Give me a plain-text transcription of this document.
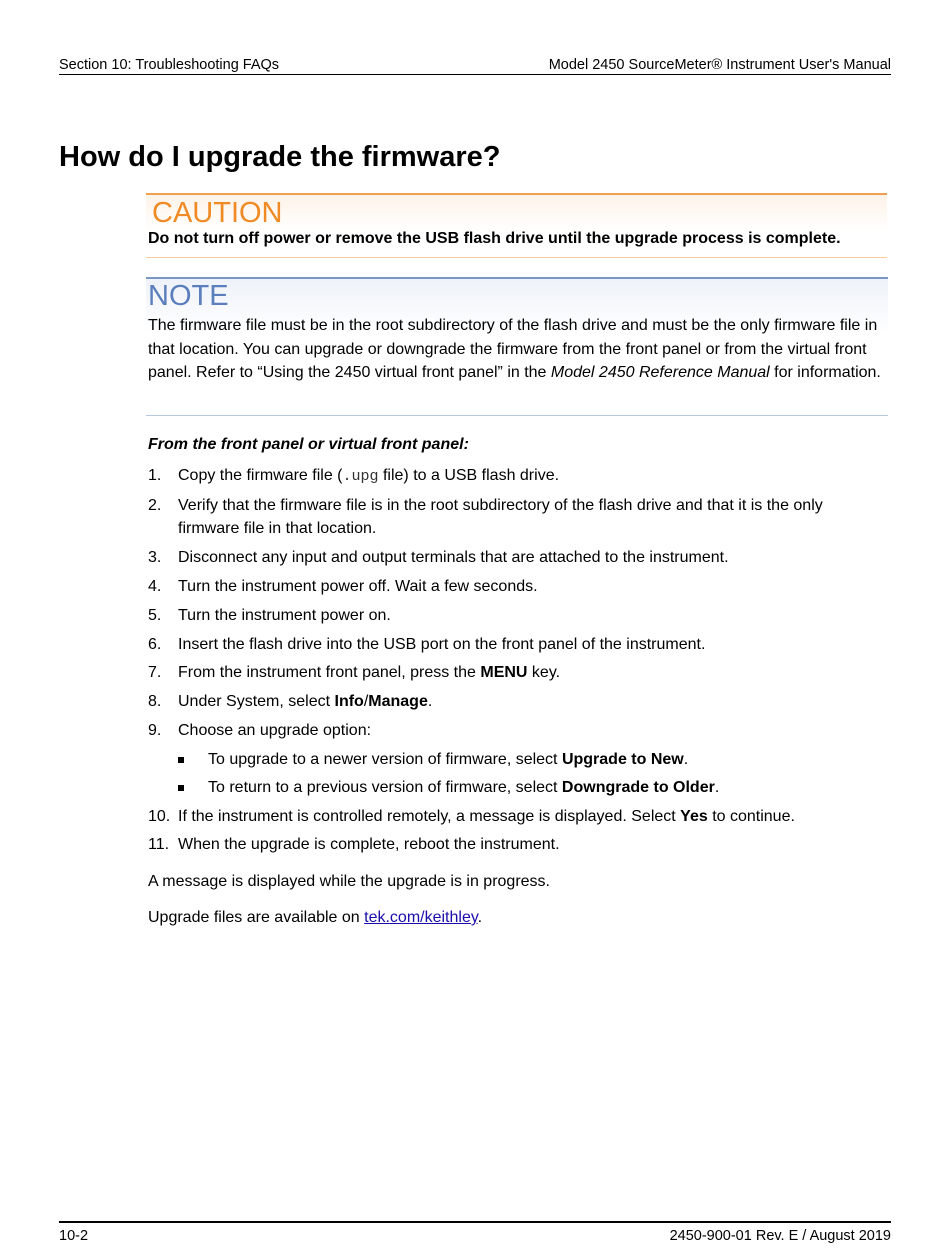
Section 10: Troubleshooting FAQs	Model 2450 SourceMeter® Instrument User's Manual
How do I upgrade the firmware?
CAUTION
Do not turn off power or remove the USB flash drive until the upgrade process is complete.
NOTE

The firmware file must be in the root subdirectory of the flash drive and must be the only firmware file in that location. You can upgrade or downgrade the firmware from the front panel or from the virtual front panel. Refer to “Using the 2450 virtual front panel” in the Model 2450 Reference Manual for information.

From the front panel or virtual front panel:
1. Copy the firmware file (.upg file) to a USB flash drive.
2. Verify that the firmware file is in the root subdirectory of the flash drive and that it is the only firmware file in that location.
3. Disconnect any input and output terminals that are attached to the instrument.
4. Turn the instrument power off. Wait a few seconds.
5. Turn the instrument power on.
6. Insert the flash drive into the USB port on the front panel of the instrument.
7. From the instrument front panel, press the MENU key.
8. Under System, select Info/Manage.
9. Choose an upgrade option:
To upgrade to a newer version of firmware, select Upgrade to New.
To return to a previous version of firmware, select Downgrade to Older.
10. If the instrument is controlled remotely, a message is displayed. Select Yes to continue.
11. When the upgrade is complete, reboot the instrument.
A message is displayed while the upgrade is in progress.
Upgrade files are available on tek.com/keithley.
10-2	2450-900-01 Rev. E / August 2019
